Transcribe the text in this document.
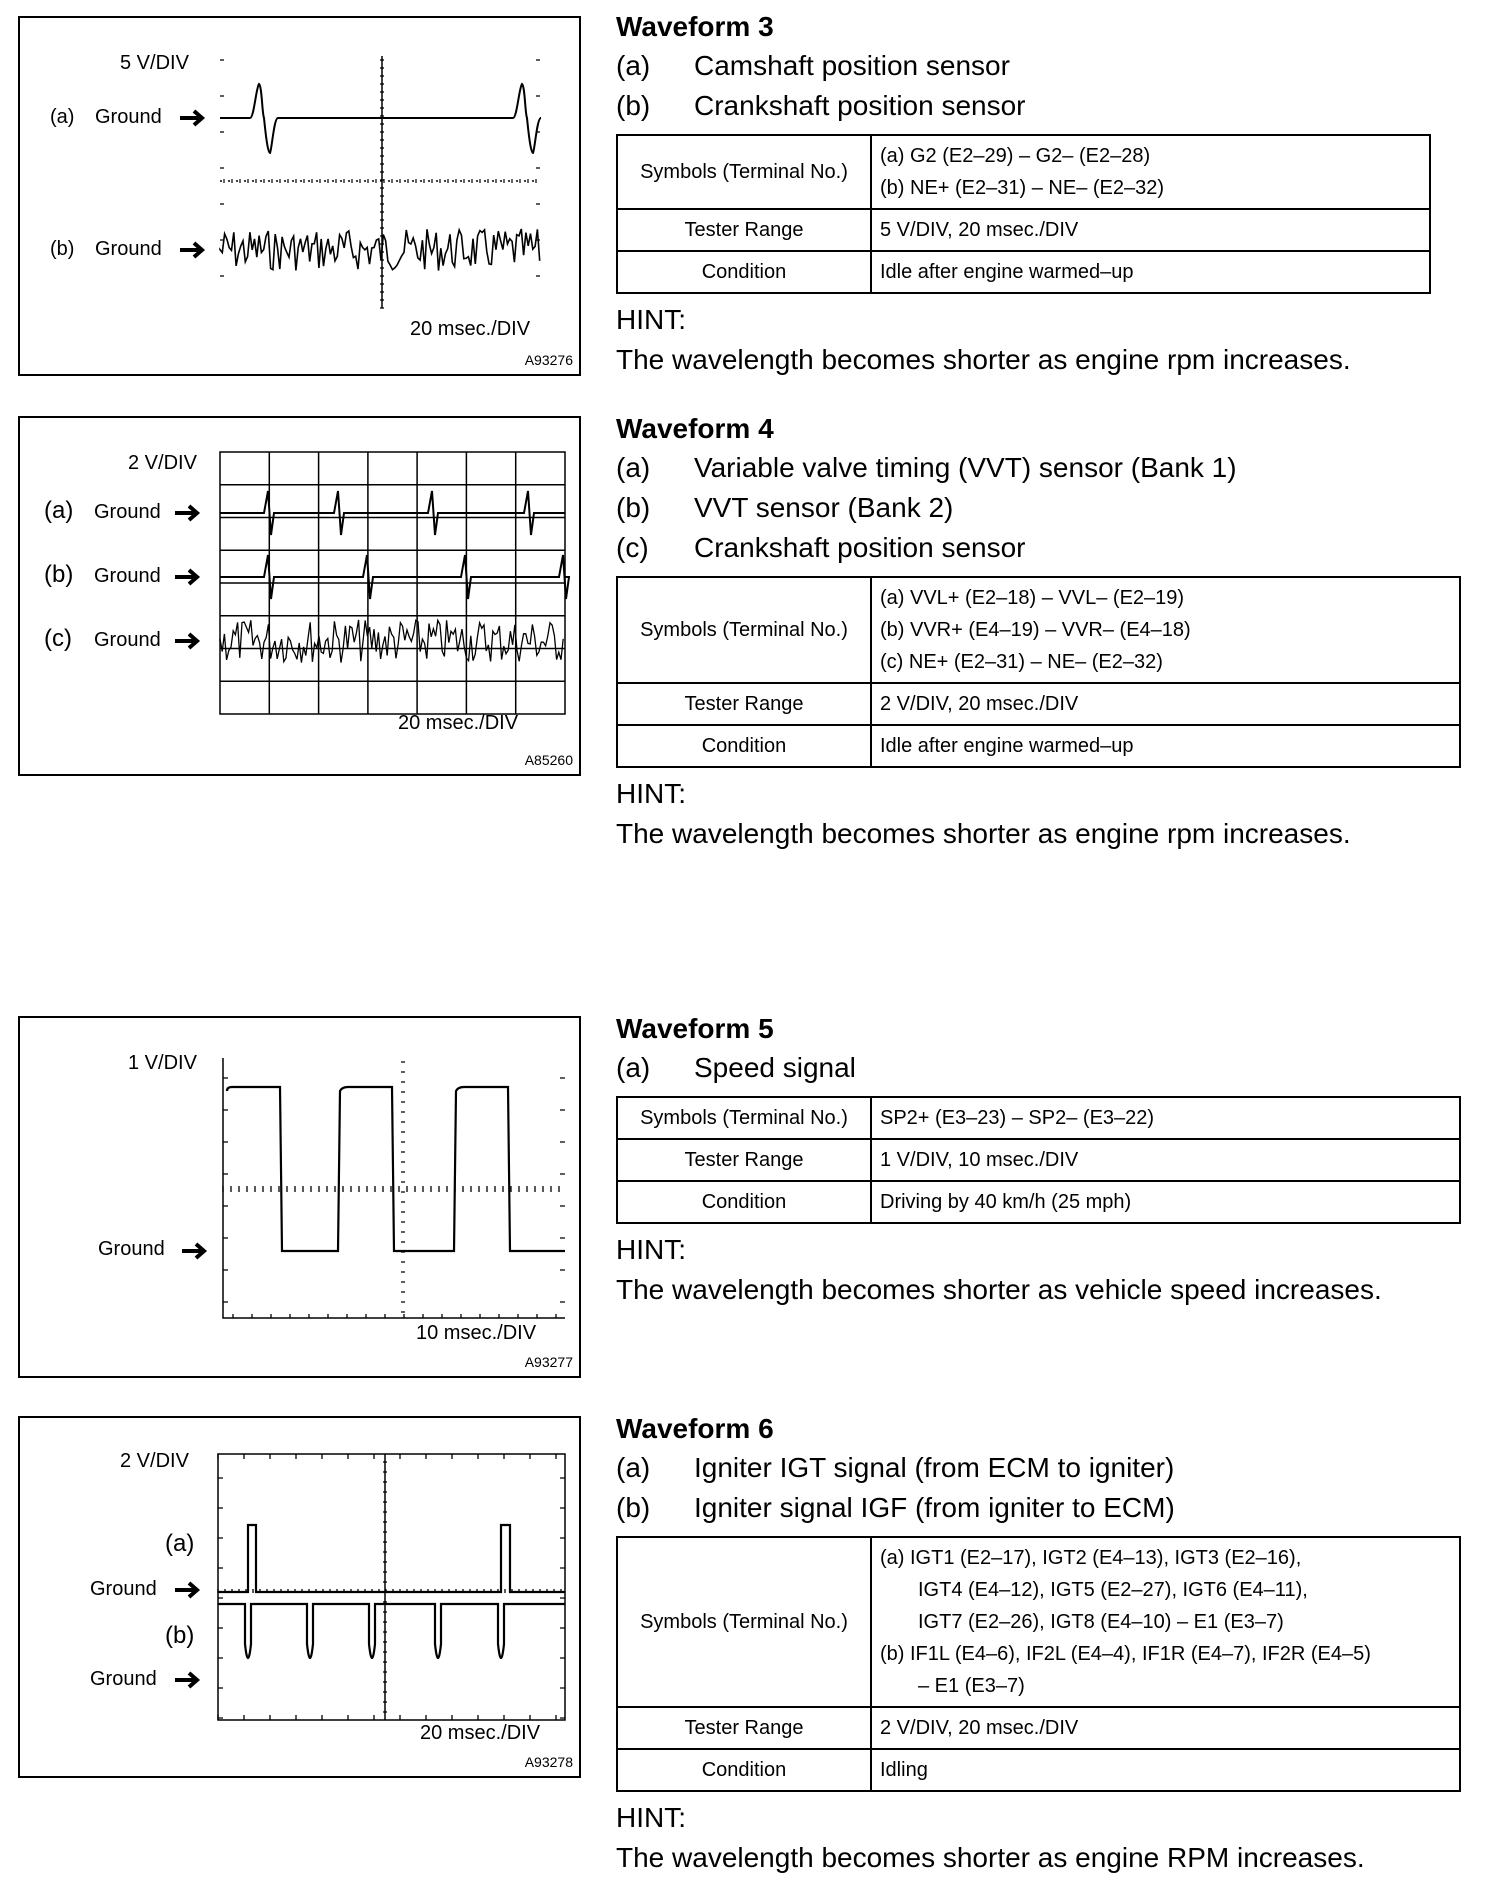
5 V/DIV
(a) Ground
(b) Ground
20 msec./DIV
A93276
Waveform 3
(a)	Camshaft position sensor
(b)	Crankshaft position sensor
Symbols (Terminal No.)	(a) G2 (E2–29) – G2– (E2–28)
(b) NE+ (E2–31) – NE– (E2–32)

Tester Range	5 V/DIV, 20 msec./DIV
Condition	Idle after engine warmed–up
HINT:
The wavelength becomes shorter as engine rpm increases.
2 V/DIV
(a) Ground
(b) Ground
(c) Ground
20 msec./DIV
A85260
Waveform 4
(a)	Variable valve timing (VVT) sensor (Bank 1)
(b)	VVT sensor (Bank 2)
(c)	Crankshaft position sensor
Symbols (Terminal No.)	(a) VVL+ (E2–18) – VVL– (E2–19)
(b) VVR+ (E4–19) – VVR– (E4–18)
(c) NE+ (E2–31) – NE– (E2–32)

Tester Range	2 V/DIV, 20 msec./DIV
Condition	Idle after engine warmed–up
HINT:
The wavelength becomes shorter as engine rpm increases.
1 V/DIV
Ground
10 msec./DIV
A93277
Waveform 5
(a)	Speed signal
Symbols (Terminal No.)	SP2+ (E3–23) – SP2– (E3–22)
Tester Range	1 V/DIV, 10 msec./DIV
Condition	Driving by 40 km/h (25 mph)
HINT:
The wavelength becomes shorter as vehicle speed increases.
2 V/DIV
(a)
Ground
(b)
Ground
20 msec./DIV
A93278
Waveform 6
(a)	Igniter IGT signal (from ECM to igniter)
(b)	Igniter signal IGF (from igniter to ECM)
Symbols (Terminal No.)	(a) IGT1 (E2–17), IGT2 (E4–13), IGT3 (E2–16),
IGT4 (E4–12), IGT5 (E2–27), IGT6 (E4–11),
IGT7 (E2–26), IGT8 (E4–10) – E1 (E3–7)
(b) IF1L (E4–6), IF2L (E4–4), IF1R (E4–7), IF2R (E4–5)
– E1 (E3–7)

Tester Range	2 V/DIV, 20 msec./DIV
Condition	Idling
HINT:
The wavelength becomes shorter as engine RPM increases.
